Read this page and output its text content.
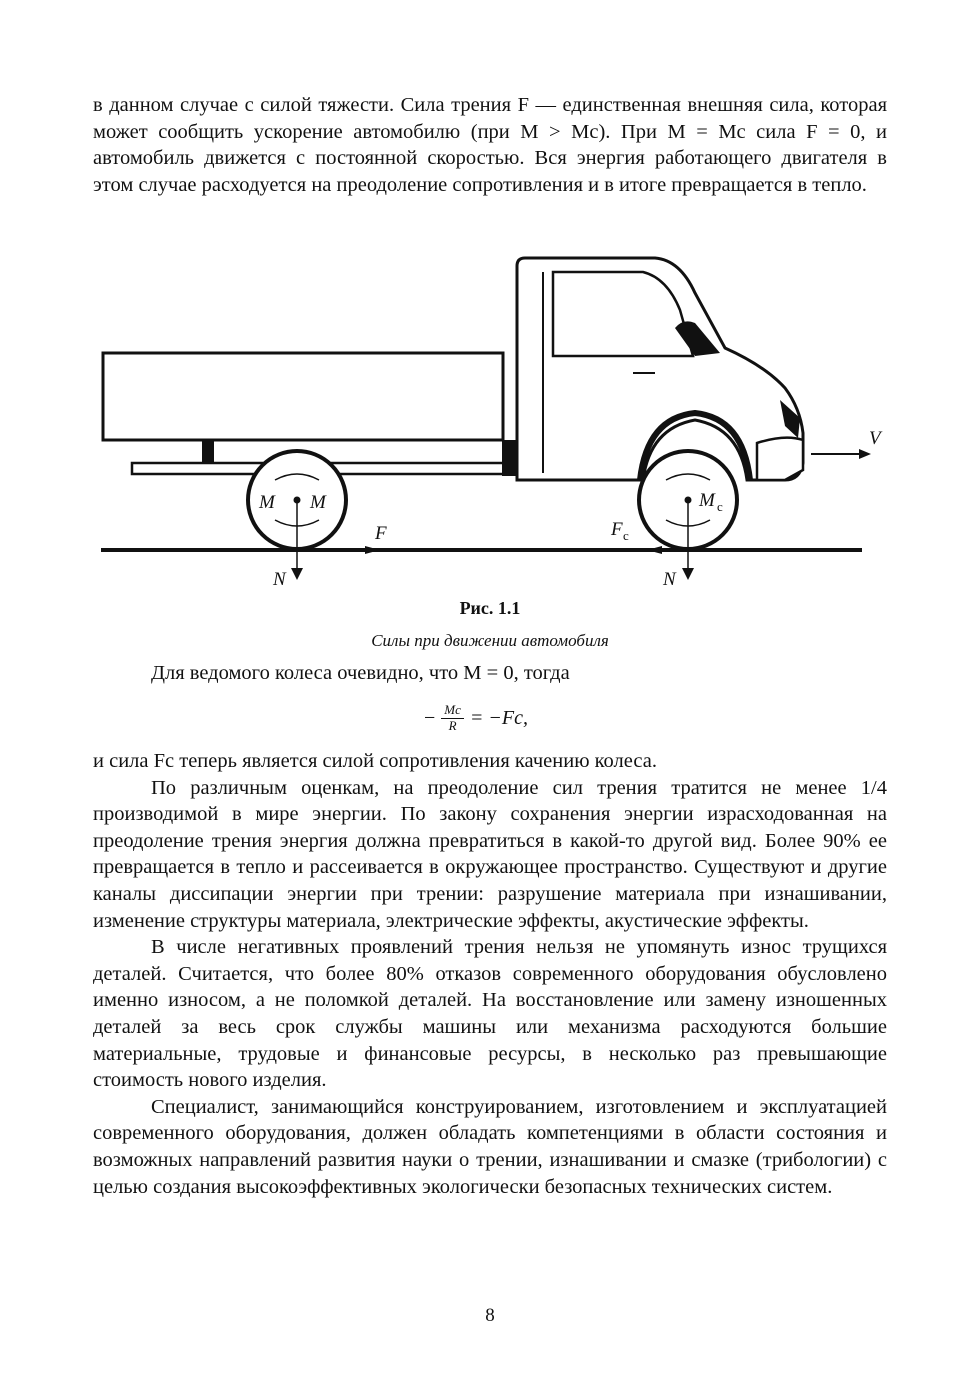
в данном случае с силой тяжести. Сила трения F — единственная внешняя сила, которая может сообщить ускорение автомобилю (при M > Mс). При M = Mс сила F = 0, и автомобиль движется с постоянной скоростью. Вся энергия работающего двигателя в этом случае расходуется на преодоление сопротивления и в итоге превращается в тепло.

V
M M
F
N
M с
F с
N
Рис. 1.1
Силы при движении автомобиля
Для ведомого колеса очевидно, что M = 0, тогда
− $\frac{Mс}{R} = -Fс$,

и сила Fс теперь является силой сопротивления качению колеса.

По различным оценкам, на преодоление сил трения тратится не менее 1/4 производимой в мире энергии. По закону сохранения энергии израсходованная на преодоление трения энергия должна превратиться в какой-то другой вид. Более 90% ее превращается в тепло и рассеивается в окружающее пространство. Существуют и другие каналы диссипации энергии при трении: разрушение материала при изнашивании, изменение структуры материала, электрические эффекты, акустические эффекты.

В числе негативных проявлений трения нельзя не упомянуть износ трущихся деталей. Считается, что более 80% отказов современного оборудования обусловлено именно износом, а не поломкой деталей. На восстановление или замену изношенных деталей за весь срок службы машины или механизма расходуются большие материальные, трудовые и финансовые ресурсы, в несколько раз превышающие стоимость нового изделия.

Специалист, занимающийся конструированием, изготовлением и эксплуатацией современного оборудования, должен обладать компетенциями в области состояния и возможных направлений развития науки о трении, изнашивании и смазке (трибологии) с целью создания высокоэффективных экологически безопасных технических систем.

8
